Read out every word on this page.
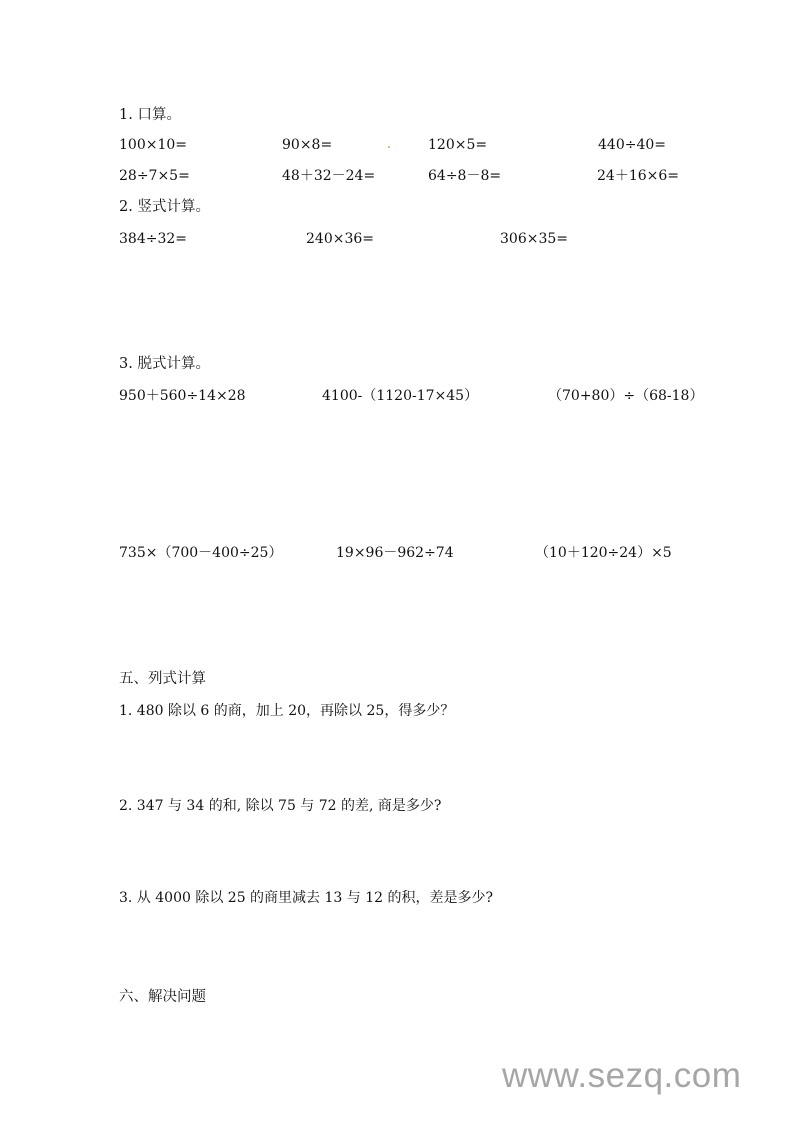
1. 口算。
100×10=	90×8=	120×5=	440÷40=
28÷7×5=	48＋32－24=	64÷8－8=	24＋16×6=
2. 竖式计算。
384÷32=	240×36=	306×35=
3. 脱式计算。
950＋560÷14×28	4100-（1120-17×45）	（70+80）÷（68-18）
735×（700－400÷25）	19×96－962÷74	（10＋120÷24）×5
五、列式计算
1. 480 除以 6 的商，加上 20，再除以 25，得多少？
2. 347 与 34 的和, 除以 75 与 72 的差, 商是多少?
3. 从 4000 除以 25 的商里减去 13 与 12 的积，差是多少?
六、解决问题
www.sezq.com
